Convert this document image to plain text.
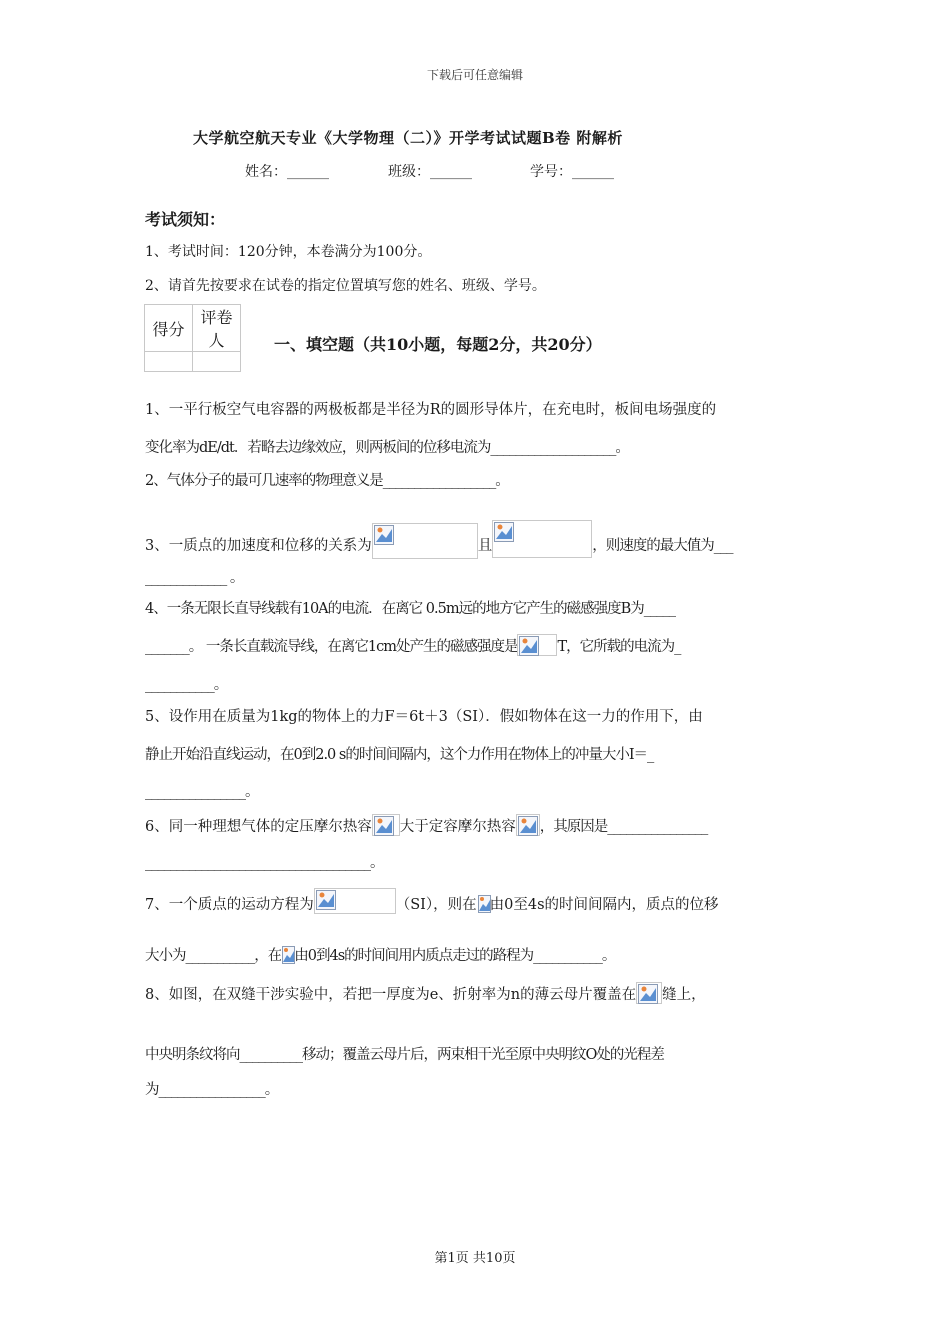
下载后可任意编辑
大学航空航天专业《大学物理（二）》开学考试试题B卷 附解析
姓名：______	班级：______	学号：______
考试须知：
1、考试时间：120分钟，本卷满分为100分。
2、请首先按要求在试卷的指定位置填写您的姓名、班级、学号。
得分	评卷人
		一、填空题（共10小题，每题2分，共20分）
1、一平行板空气电容器的两极板都是半径为R的圆形导体片，在充电时，板间电场强度的
变化率为dE/dt．若略去边缘效应，则两板间的位移电流为____________________。
2、气体分子的最可几速率的物理意义是__________________。
3、一质点的加速度和位移的关系为	且	，则速度的最大值为___
_____________ 。
4、一条无限长直导线载有10A的电流．在离它 0.5m远的地方它产生的磁感强度B为_____
_______。 一条长直载流导线，在离它1cm处产生的磁感强度是	T，它所载的电流为_
___________。
5、设作用在质量为1kg的物体上的力F＝6t＋3（SI）．假如物体在这一力的作用下，由
静止开始沿直线运动，在0到2.0 s的时间间隔内，这个力作用在物体上的冲量大小I＝_
________________。
6、同一种理想气体的定压摩尔热容 大于定容摩尔热容 ，其原因是________________
____________________________________。
7、一个质点的运动方程为	（SI），则在 由0至4s的时间间隔内，质点的位移
大小为___________，在 由0到4s的时间间用内质点走过的路程为___________。
8、如图，在双缝干涉实验中，若把一厚度为e、折射率为n的薄云母片覆盖在 缝上，
中央明条纹将向__________移动；覆盖云母片后，两束相干光至原中央明纹O处的光程差
为_________________。
第1页 共10页
